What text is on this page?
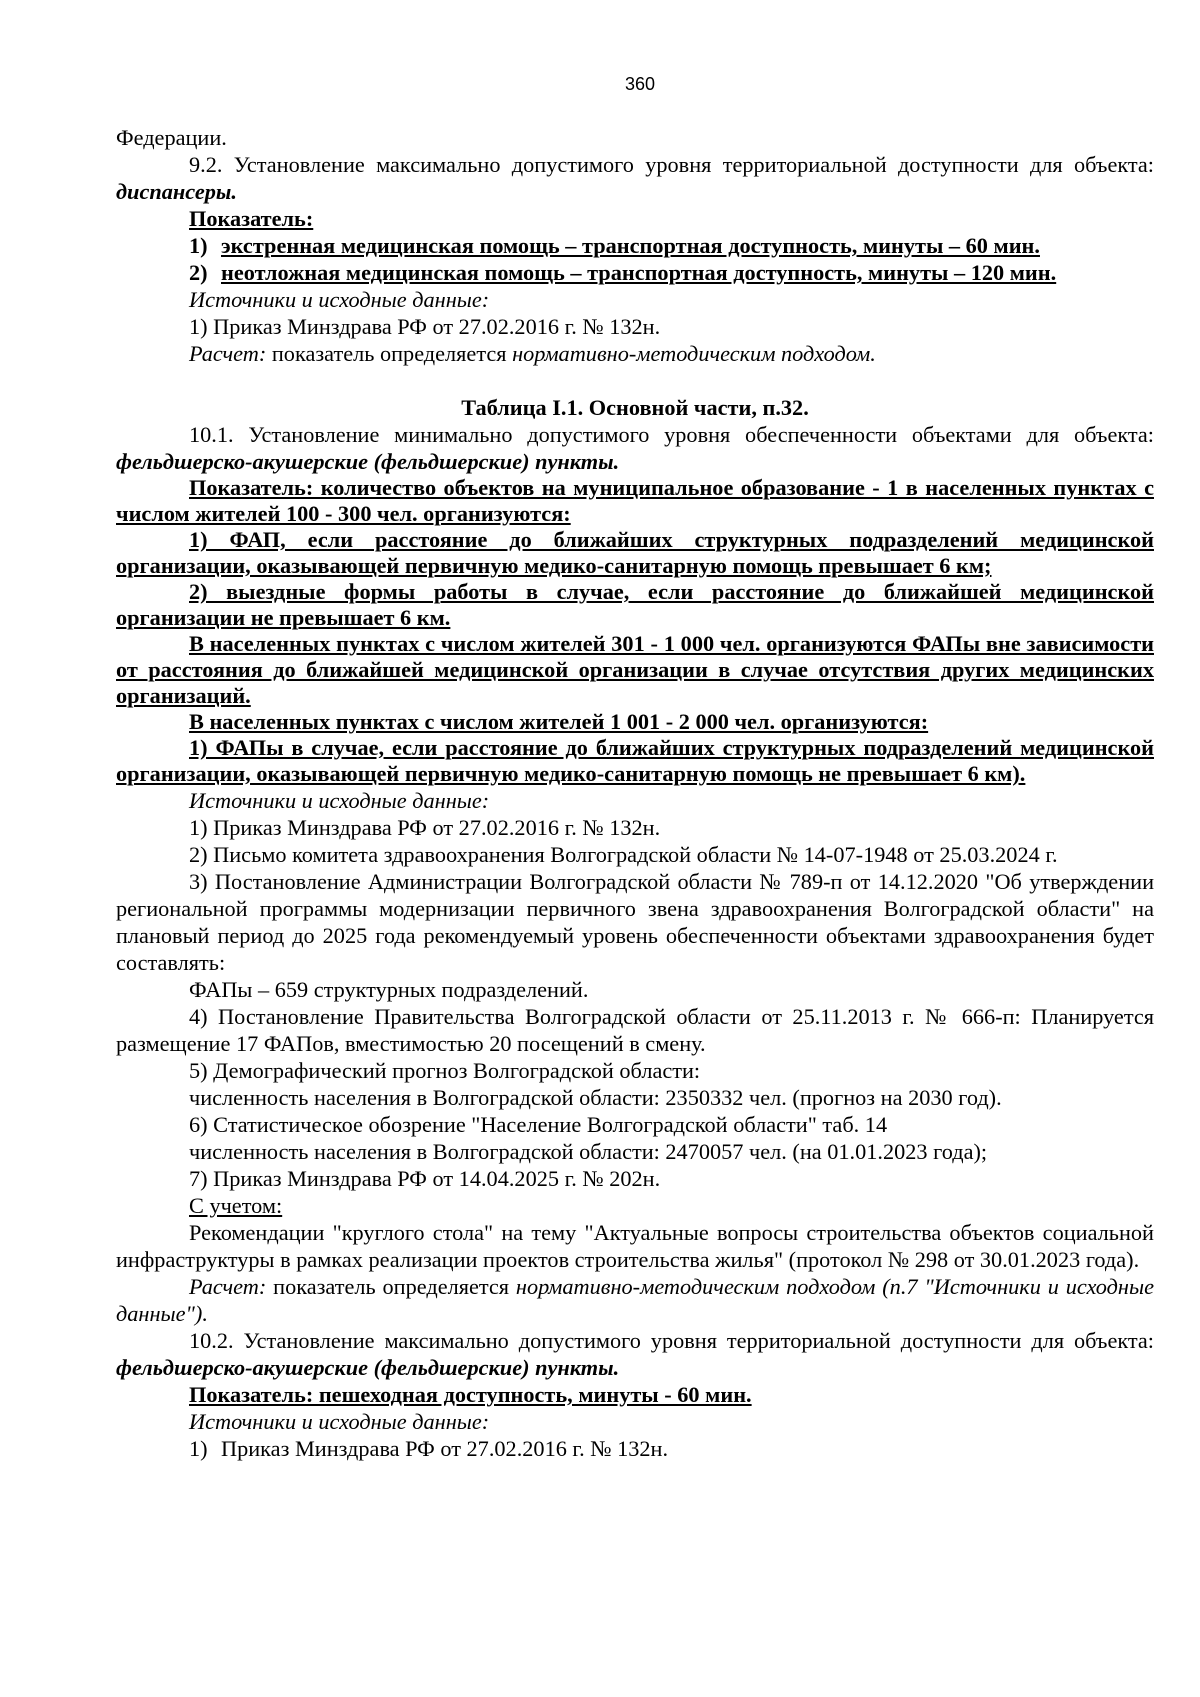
360

Федерации.

9.2. Установление максимально допустимого уровня территориальной доступности для объекта: диспансеры.

Показатель:

1) экстренная медицинская помощь – транспортная доступность, минуты – 60 мин.

2) неотложная медицинская помощь – транспортная доступность, минуты – 120 мин.

Источники и исходные данные:

1) Приказ Минздрава РФ от 27.02.2016 г. № 132н.

Расчет: показатель определяется нормативно-методическим подходом.

Таблица I.1. Основной части, п.32.

10.1. Установление минимально допустимого уровня обеспеченности объектами для объекта: фельдшерско-акушерские (фельдшерские) пункты.

Показатель: количество объектов на муниципальное образование - 1 в населенных пунктах с числом жителей 100 - 300 чел. организуются:

1) ФАП, если расстояние до ближайших структурных подразделений медицинской организации, оказывающей первичную медико-санитарную помощь превышает 6 км;

2) выездные формы работы в случае, если расстояние до ближайшей медицинской организации не превышает 6 км.

В населенных пунктах с числом жителей 301 - 1 000 чел. организуются ФАПы вне зависимости от расстояния до ближайшей медицинской организации в случае отсутствия других медицинских организаций.

В населенных пунктах с числом жителей 1 001 - 2 000 чел. организуются:

1) ФАПы в случае, если расстояние до ближайших структурных подразделений медицинской организации, оказывающей первичную медико-санитарную помощь не превышает 6 км).

Источники и исходные данные:

1) Приказ Минздрава РФ от 27.02.2016 г. № 132н.

2) Письмо комитета здравоохранения Волгоградской области № 14-07-1948 от 25.03.2024 г.

3) Постановление Администрации Волгоградской области № 789-п от 14.12.2020 "Об утверждении региональной программы модернизации первичного звена здравоохранения Волгоградской области" на плановый период до 2025 года рекомендуемый уровень обеспеченности объектами здравоохранения будет составлять:

ФАПы – 659 структурных подразделений.

4) Постановление Правительства Волгоградской области от 25.11.2013 г. № 666-п: Планируется размещение 17 ФАПов, вместимостью 20 посещений в смену.

5) Демографический прогноз Волгоградской области:

численность населения в Волгоградской области: 2350332 чел. (прогноз на 2030 год).

6) Статистическое обозрение "Население Волгоградской области" таб. 14

численность населения в Волгоградской области: 2470057 чел. (на 01.01.2023 года);

7) Приказ Минздрава РФ от 14.04.2025 г. № 202н.

С учетом:

Рекомендации "круглого стола" на тему "Актуальные вопросы строительства объектов социальной инфраструктуры в рамках реализации проектов строительства жилья" (протокол № 298 от 30.01.2023 года).

Расчет: показатель определяется нормативно-методическим подходом (п.7 "Источники и исходные данные").

10.2. Установление максимально допустимого уровня территориальной доступности для объекта: фельдшерско-акушерские (фельдшерские) пункты.

Показатель: пешеходная доступность, минуты - 60 мин.

Источники и исходные данные:

1) Приказ Минздрава РФ от 27.02.2016 г. № 132н.
